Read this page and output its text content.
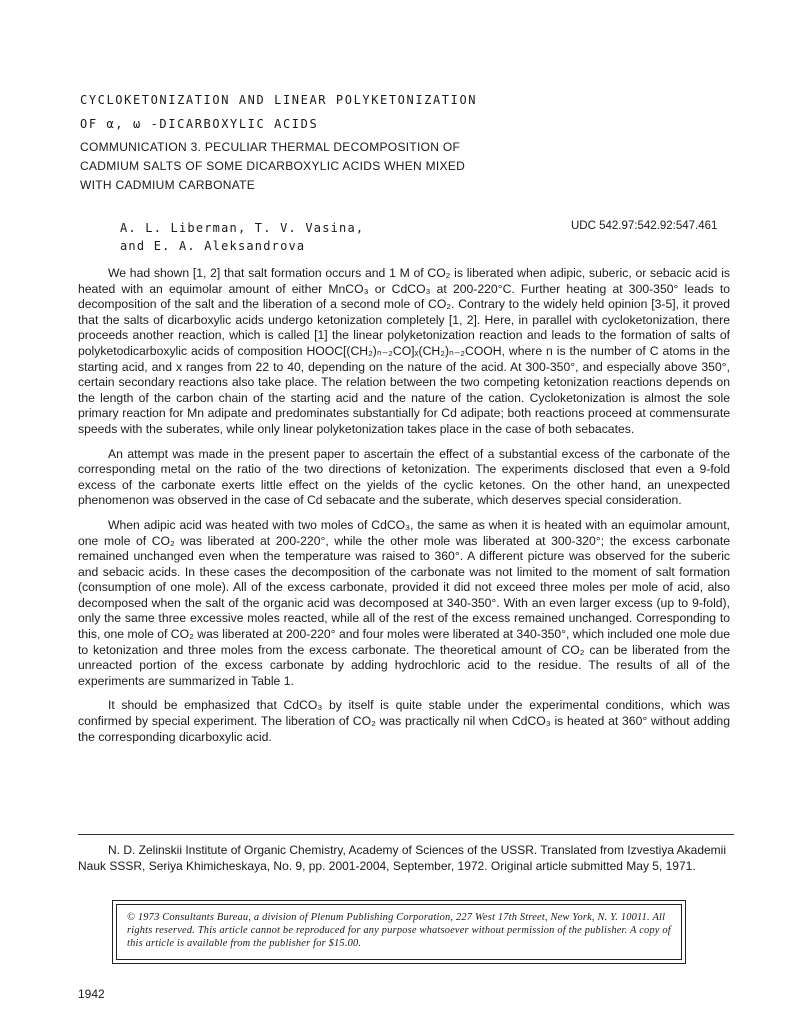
CYCLOKETONIZATION AND LINEAR POLYKETONIZATION
OF α, ω -DICARBOXYLIC ACIDS
COMMUNICATION 3. PECULIAR THERMAL DECOMPOSITION OF
CADMIUM SALTS OF SOME DICARBOXYLIC ACIDS WHEN MIXED
WITH CADMIUM CARBONATE
A. L. Liberman, T. V. Vasina,
and E. A. Aleksandrova
UDC 542.97:542.92:547.461

We had shown [1, 2] that salt formation occurs and 1 M of CO₂ is liberated when adipic, suberic, or sebacic acid is heated with an equimolar amount of either MnCO₃ or CdCO₃ at 200-220°C. Further heating at 300-350° leads to decomposition of the salt and the liberation of a second mole of CO₂. Contrary to the widely held opinion [3-5], it proved that the salts of dicarboxylic acids undergo ketonization completely [1, 2]. Here, in parallel with cycloketonization, there proceeds another reaction, which is called [1] the linear polyketonization reaction and leads to the formation of salts of polyketodicarboxylic acids of composition HOOC[(CH₂)ₙ₋₂CO]ₓ(CH₂)ₙ₋₂COOH, where n is the number of C atoms in the starting acid, and x ranges from 22 to 40, depending on the nature of the acid. At 300-350°, and especially above 350°, certain secondary reactions also take place. The relation between the two competing ketonization reactions depends on the length of the carbon chain of the starting acid and the nature of the cation. Cycloketonization is almost the sole primary reaction for Mn adipate and predominates substantially for Cd adipate; both reactions proceed at commensurate speeds with the suberates, while only linear polyketonization takes place in the case of both sebacates.

An attempt was made in the present paper to ascertain the effect of a substantial excess of the carbonate of the corresponding metal on the ratio of the two directions of ketonization. The experiments disclosed that even a 9-fold excess of the carbonate exerts little effect on the yields of the cyclic ketones. On the other hand, an unexpected phenomenon was observed in the case of Cd sebacate and the suberate, which deserves special consideration.

When adipic acid was heated with two moles of CdCO₃, the same as when it is heated with an equimolar amount, one mole of CO₂ was liberated at 200-220°, while the other mole was liberated at 300-320°; the excess carbonate remained unchanged even when the temperature was raised to 360°. A different picture was observed for the suberic and sebacic acids. In these cases the decomposition of the carbonate was not limited to the moment of salt formation (consumption of one mole). All of the excess carbonate, provided it did not exceed three moles per mole of acid, also decomposed when the salt of the organic acid was decomposed at 340-350°. With an even larger excess (up to 9-fold), only the same three excessive moles reacted, while all of the rest of the excess remained unchanged. Corresponding to this, one mole of CO₂ was liberated at 200-220° and four moles were liberated at 340-350°, which included one mole due to ketonization and three moles from the excess carbonate. The theoretical amount of CO₂ can be liberated from the unreacted portion of the excess carbonate by adding hydrochloric acid to the residue. The results of all of the experiments are summarized in Table 1.

It should be emphasized that CdCO₃ by itself is quite stable under the experimental conditions, which was confirmed by special experiment. The liberation of CO₂ was practically nil when CdCO₃ is heated at 360° without adding the corresponding dicarboxylic acid.

N. D. Zelinskii Institute of Organic Chemistry, Academy of Sciences of the USSR. Translated from Izvestiya Akademii Nauk SSSR, Seriya Khimicheskaya, No. 9, pp. 2001-2004, September, 1972. Original article submitted May 5, 1971.

© 1973 Consultants Bureau, a division of Plenum Publishing Corporation, 227 West 17th Street, New York, N. Y. 10011. All rights reserved. This article cannot be reproduced for any purpose whatsoever without permission of the publisher. A copy of this article is available from the publisher for $15.00.
1942
